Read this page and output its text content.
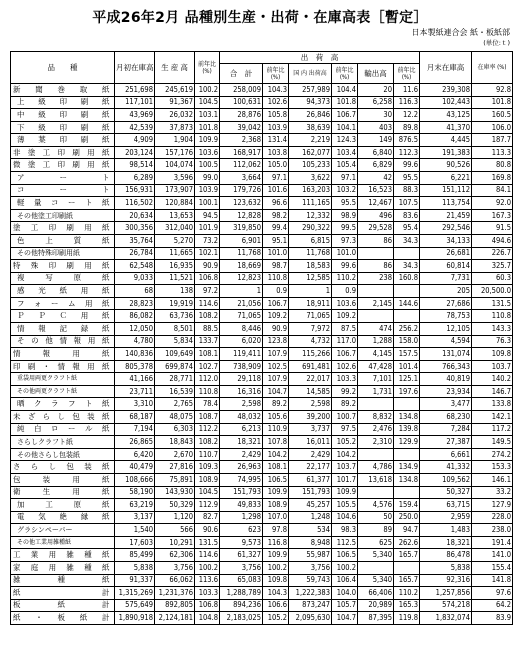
平成26年2月 品種別生産・出荷・在庫高表［暫定］
日本製紙連合会 紙・板紙部
(単位:ｔ)
品　　種	月初在庫高	生 産 高	前年比 (%)	出　荷　高						月末在庫高	在庫率 (%)
				合　計	前年比 (%)	国 内 出荷高	前年比 (%)	輸出高	前年比 (%)		
新 聞 巻 取 紙	251,698	245,619	100.2	258,009	104.3	257,989	104.4	20	11.6	239,308	92.8
上 級 印 刷 紙	117,101	91,367	104.5	100,631	102.6	94,373	101.8	6,258	116.3	102,443	101.8
中 級 印 刷 紙	43,969	26,032	103.1	28,876	105.8	26,846	106.7	30	12.2	43,125	160.5
下 級 印 刷 紙	42,539	37,873	101.8	39,042	103.9	38,639	104.1	403	89.8	41,370	106.0
薄 葉 印 刷 紙	4,909	1,904	109.9	2,368	131.4	2,219	124.3	149	876.5	4,445	187.7
非 塗 工 印 刷 用 紙	203,124	157,176	103.6	168,917	103.8	162,077	103.4	6,840	112.3	191,383	113.3
微 塗 工 印 刷 用 紙	98,514	104,074	100.5	112,062	105.0	105,233	105.4	6,829	99.6	90,526	80.8
ア　ー　ト	6,289	3,596	99.0	3,664	97.1	3,622	97.1	42	95.5	6,221	169.8
コ　ー　ト	156,931	173,907	103.9	179,726	101.6	163,203	103.2	16,523	88.3	151,112	84.1
軽 量 コ ー ト 紙	116,502	120,884	100.1	123,632	96.6	111,165	95.5	12,467	107.5	113,754	92.0
その他塗工印刷紙	20,634	13,653	94.5	12,828	98.2	12,332	98.9	496	83.6	21,459	167.3
塗 工 印 刷 用 紙	300,356	312,040	101.9	319,850	99.4	290,322	99.5	29,528	95.4	292,546	91.5
色 上 質 紙	35,764	5,270	73.2	6,901	95.1	6,815	97.3	86	34.3	34,133	494.6
その他特殊印刷用紙	26,784	11,665	102.1	11,768	101.0	11,768	101.0			26,681	226.7
特 殊 印 刷 用 紙	62,548	16,935	90.9	18,669	98.7	18,583	99.6	86	34.3	60,814	325.7
複　写　原　紙	9,033	11,521	106.8	12,823	110.8	12,585	110.2	238	160.8	7,731	60.3
感　光　紙　用　紙	68	138	97.2	1	0.9	1	0.9			205	20,500.0
フ ォ ー ム 用 紙	28,823	19,919	114.6	21,056	106.7	18,911	103.6	2,145	144.6	27,686	131.5
Ｐ　Ｐ　Ｃ　用　紙	86,082	63,736	108.2	71,065	109.2	71,065	109.2			78,753	110.8
情 報 記 録 紙	12,050	8,501	88.5	8,446	90.9	7,972	87.5	474	256.2	12,105	143.3
そ の 他 情 報 用 紙	4,780	5,834	133.7	6,020	123.8	4,732	117.0	1,288	158.0	4,594	76.3
情 報 用 紙	140,836	109,649	108.1	119,411	107.9	115,266	106.7	4,145	157.5	131,074	109.8
印 刷 ・ 情 報 用 紙	805,378	699,874	102.7	738,909	102.5	691,481	102.6	47,428	101.4	766,343	103.7
重袋用両更クラフト紙	41,166	28,771	112.0	29,118	107.9	22,017	103.3	7,101	125.1	40,819	140.2
その他両更クラフト紙	23,711	16,539	110.8	16,316	104.7	14,585	99.2	1,731	197.6	23,934	146.7
晒 ク ラ フ ト 紙	3,310	2,765	78.4	2,598	89.2	2,598	89.2			3,477	133.8
未 ざ ら し 包 装 紙	68,187	48,075	108.7	48,032	105.6	39,200	100.7	8,832	134.8	68,230	142.1
純 白 ロ ー ル 紙	7,194	6,303	112.2	6,213	110.9	3,737	97.5	2,476	139.8	7,284	117.2
さらしクラフト紙	26,865	18,843	108.2	18,321	107.8	16,011	105.2	2,310	129.9	27,387	149.5
その他さらし包装紙	6,420	2,670	110.7	2,429	104.2	2,429	104.2			6,661	274.2
さ ら し 包 装 紙	40,479	27,816	109.3	26,963	108.1	22,177	103.7	4,786	134.9	41,332	153.3
包　　装　　用　　紙	108,666	75,891	108.9	74,995	106.5	61,377	101.7	13,618	134.8	109,562	146.1
衛　　生　　用　　紙	58,190	143,930	104.5	151,793	109.9	151,793	109.9			50,327	33.2
加　　工　　原　　紙	63,219	50,329	112.9	49,833	108.9	45,257	105.5	4,576	159.4	63,715	127.9
電 気 絶 縁 紙	3,137	1,120	82.7	1,298	107.0	1,248	104.6	50	250.0	2,959	228.0
グラシンペーパー	1,540	566	90.6	623	97.8	534	98.3	89	94.7	1,483	238.0
その他工業用雑種紙	17,603	10,291	131.5	9,573	116.8	8,948	112.5	625	262.6	18,321	191.4
工 業 用 雑 種 紙	85,499	62,306	114.6	61,327	109.9	55,987	106.5	5,340	165.7	86,478	141.0
家 庭 用 雑 種 紙	5,838	3,756	100.2	3,756	100.2	3,756	100.2			5,838	155.4
雑　　種　　紙	91,337	66,062	113.6	65,083	109.8	59,743	106.4	5,340	165.7	92,316	141.8
紙　　　　　　計	1,315,269	1,231,376	103.3	1,288,789	104.3	1,222,383	104.0	66,406	110.2	1,257,856	97.6
板　　　紙　　　計	575,649	892,805	106.8	894,236	106.6	873,247	105.7	20,989	165.3	574,218	64.2
紙 ・ 板 紙 計	1,890,918	2,124,181	104.8	2,183,025	105.2	2,095,630	104.7	87,395	119.8	1,832,074	83.9
